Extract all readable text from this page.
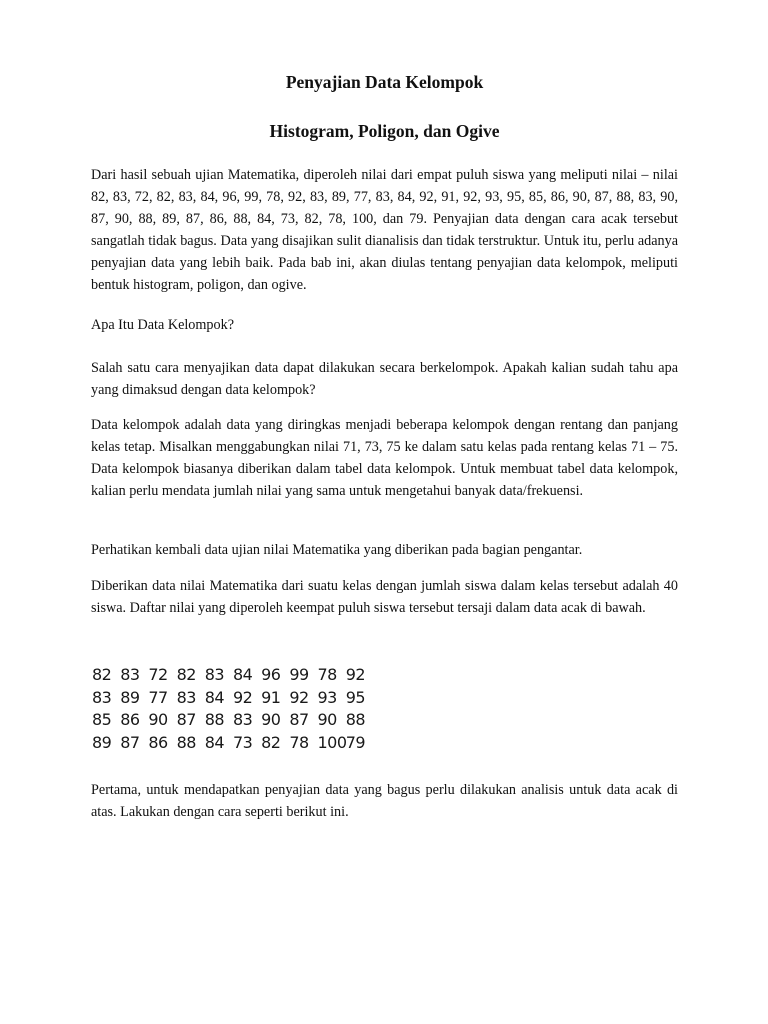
Penyajian Data Kelompok
Histogram, Poligon, dan Ogive

Dari hasil sebuah ujian Matematika, diperoleh nilai dari empat puluh siswa yang meliputi nilai – nilai 82, 83, 72, 82, 83, 84, 96, 99, 78, 92, 83, 89, 77, 83, 84, 92, 91, 92, 93, 95, 85, 86, 90, 87, 88, 83, 90, 87, 90, 88, 89, 87, 86, 88, 84, 73, 82, 78, 100, dan 79. Penyajian data dengan cara acak tersebut sangatlah tidak bagus. Data yang disajikan sulit dianalisis dan tidak terstruktur. Untuk itu, perlu adanya penyajian data yang lebih baik. Pada bab ini, akan diulas tentang penyajian data kelompok, meliputi bentuk histogram, poligon, dan ogive.

Apa Itu Data Kelompok?

Salah satu cara menyajikan data dapat dilakukan secara berkelompok. Apakah kalian sudah tahu apa yang dimaksud dengan data kelompok?

Data kelompok adalah data yang diringkas menjadi beberapa kelompok dengan rentang dan panjang kelas tetap. Misalkan menggabungkan nilai 71, 73, 75 ke dalam satu kelas pada rentang kelas 71 – 75. Data kelompok biasanya diberikan dalam tabel data kelompok. Untuk membuat tabel data kelompok, kalian perlu mendata jumlah nilai yang sama untuk mengetahui banyak data/frekuensi.

Perhatikan kembali data ujian nilai Matematika yang diberikan pada bagian pengantar.

Diberikan data nilai Matematika dari suatu kelas dengan jumlah siswa dalam kelas tersebut adalah 40 siswa. Daftar nilai yang diperoleh keempat puluh siswa tersebut tersaji dalam data acak di bawah.

82 83 72 82 83 84 96 99 78 92
83 89 77 83 84 92 91 92 93 95
85 86 90 87 88 83 90 87 90 88
89 87 86 88 84 73 82 78 100 79

Pertama, untuk mendapatkan penyajian data yang bagus perlu dilakukan analisis untuk data acak di atas. Lakukan dengan cara seperti berikut ini.
